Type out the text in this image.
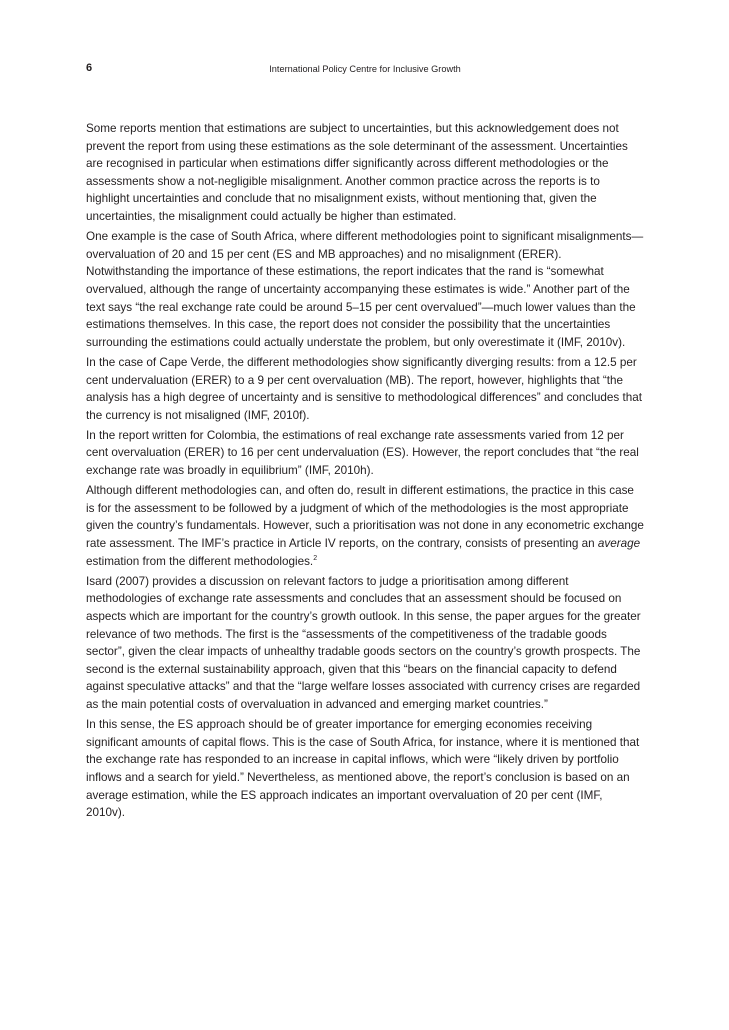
6	International Policy Centre for Inclusive Growth
Some reports mention that estimations are subject to uncertainties, but this acknowledgement does not prevent the report from using these estimations as the sole determinant of the assessment. Uncertainties are recognised in particular when estimations differ significantly across different methodologies or the assessments show a not-negligible misalignment. Another common practice across the reports is to highlight uncertainties and conclude that no misalignment exists, without mentioning that, given the uncertainties, the misalignment could actually be higher than estimated.
One example is the case of South Africa, where different methodologies point to significant misalignments—overvaluation of 20 and 15 per cent (ES and MB approaches) and no misalignment (ERER). Notwithstanding the importance of these estimations, the report indicates that the rand is “somewhat overvalued, although the range of uncertainty accompanying these estimates is wide.” Another part of the text says “the real exchange rate could be around 5–15 per cent overvalued”—much lower values than the estimations themselves. In this case, the report does not consider the possibility that the uncertainties surrounding the estimations could actually understate the problem, but only overestimate it (IMF, 2010v).
In the case of Cape Verde, the different methodologies show significantly diverging results: from a 12.5 per cent undervaluation (ERER) to a 9 per cent overvaluation (MB). The report, however, highlights that “the analysis has a high degree of uncertainty and is sensitive to methodological differences” and concludes that the currency is not misaligned (IMF, 2010f).
In the report written for Colombia, the estimations of real exchange rate assessments varied from 12 per cent overvaluation (ERER) to 16 per cent undervaluation (ES). However, the report concludes that “the real exchange rate was broadly in equilibrium” (IMF, 2010h).
Although different methodologies can, and often do, result in different estimations, the practice in this case is for the assessment to be followed by a judgment of which of the methodologies is the most appropriate given the country’s fundamentals. However, such a prioritisation was not done in any econometric exchange rate assessment. The IMF’s practice in Article IV reports, on the contrary, consists of presenting an average estimation from the different methodologies.$^2$
Isard (2007) provides a discussion on relevant factors to judge a prioritisation among different methodologies of exchange rate assessments and concludes that an assessment should be focused on aspects which are important for the country’s growth outlook. In this sense, the paper argues for the greater relevance of two methods. The first is the “assessments of the competitiveness of the tradable goods sector”, given the clear impacts of unhealthy tradable goods sectors on the country’s growth prospects. The second is the external sustainability approach, given that this “bears on the financial capacity to defend against speculative attacks” and that the “large welfare losses associated with currency crises are regarded as the main potential costs of overvaluation in advanced and emerging market countries.”
In this sense, the ES approach should be of greater importance for emerging economies receiving significant amounts of capital flows. This is the case of South Africa, for instance, where it is mentioned that the exchange rate has responded to an increase in capital inflows, which were “likely driven by portfolio inflows and a search for yield.” Nevertheless, as mentioned above, the report’s conclusion is based on an average estimation, while the ES approach indicates an important overvaluation of 20 per cent (IMF, 2010v).
